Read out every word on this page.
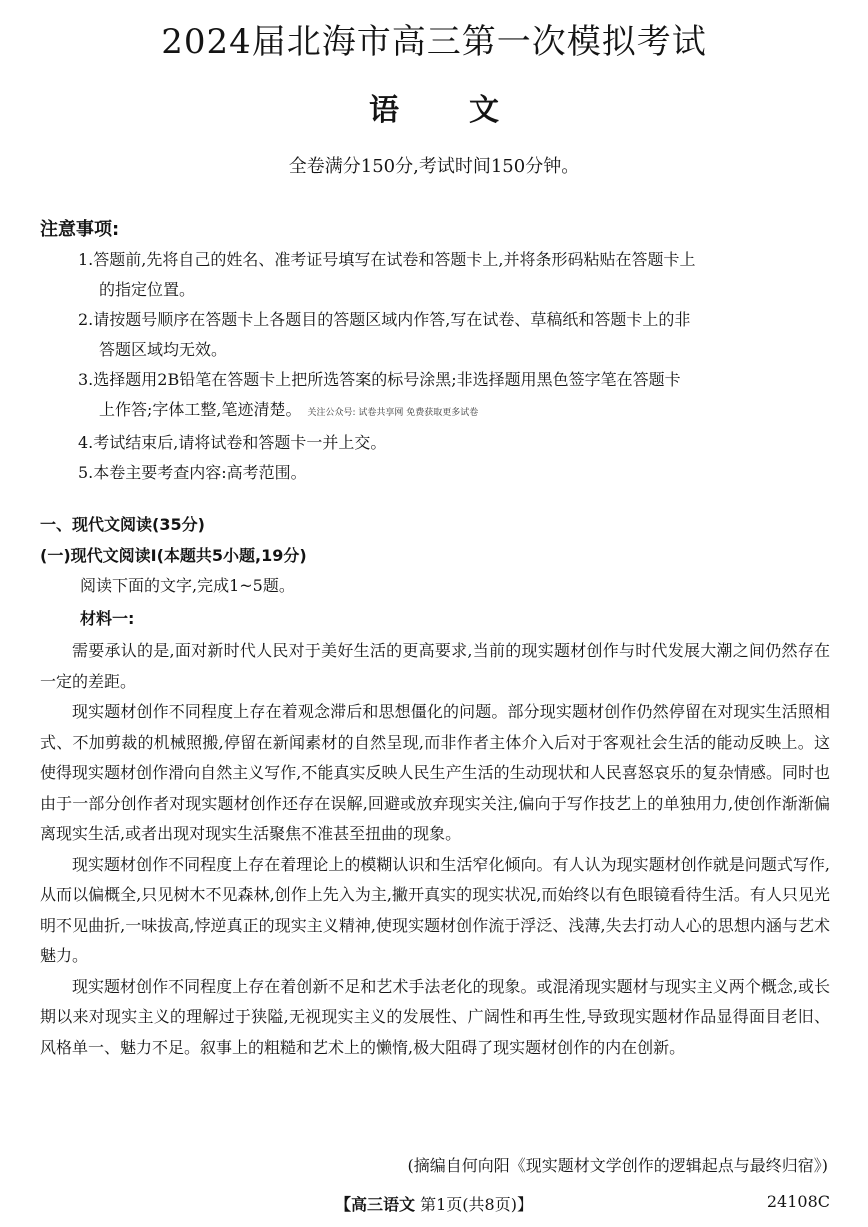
2024届北海市高三第一次模拟考试
语 文
全卷满分150分,考试时间150分钟。
注意事项:

1.答题前,先将自己的姓名、准考证号填写在试卷和答题卡上,并将条形码粘贴在答题卡上
的指定位置。

2.请按题号顺序在答题卡上各题目的答题区域内作答,写在试卷、草稿纸和答题卡上的非
答题区域均无效。

3.选择题用2B铅笔在答题卡上把所选答案的标号涂黑;非选择题用黑色签字笔在答题卡
上作答;字体工整,笔迹清楚。 关注公众号: 试卷共享网 免费获取更多试卷

4.考试结束后,请将试卷和答题卡一并上交。

5.本卷主要考查内容:高考范围。

一、现代文阅读(35分)
(一)现代文阅读Ⅰ(本题共5小题,19分)
阅读下面的文字,完成1~5题。
材料一:

需要承认的是,面对新时代人民对于美好生活的更高要求,当前的现实题材创作与时代发展大潮之间仍然存在一定的差距。

现实题材创作不同程度上存在着观念滞后和思想僵化的问题。部分现实题材创作仍然停留在对现实生活照相式、不加剪裁的机械照搬,停留在新闻素材的自然呈现,而非作者主体介入后对于客观社会生活的能动反映上。这使得现实题材创作滑向自然主义写作,不能真实反映人民生产生活的生动现状和人民喜怒哀乐的复杂情感。同时也由于一部分创作者对现实题材创作还存在误解,回避或放弃现实关注,偏向于写作技艺上的单独用力,使创作渐渐偏离现实生活,或者出现对现实生活聚焦不准甚至扭曲的现象。

现实题材创作不同程度上存在着理论上的模糊认识和生活窄化倾向。有人认为现实题材创作就是问题式写作,从而以偏概全,只见树木不见森林,创作上先入为主,撇开真实的现实状况,而始终以有色眼镜看待生活。有人只见光明不见曲折,一味拔高,悖逆真正的现实主义精神,使现实题材创作流于浮泛、浅薄,失去打动人心的思想内涵与艺术魅力。

现实题材创作不同程度上存在着创新不足和艺术手法老化的现象。或混淆现实题材与现实主义两个概念,或长期以来对现实主义的理解过于狭隘,无视现实主义的发展性、广阔性和再生性,导致现实题材作品显得面目老旧、风格单一、魅力不足。叙事上的粗糙和艺术上的懒惰,极大阻碍了现实题材创作的内在创新。

(摘编自何向阳《现实题材文学创作的逻辑起点与最终归宿》)
【高三语文 第1页(共8页)】	24108C
